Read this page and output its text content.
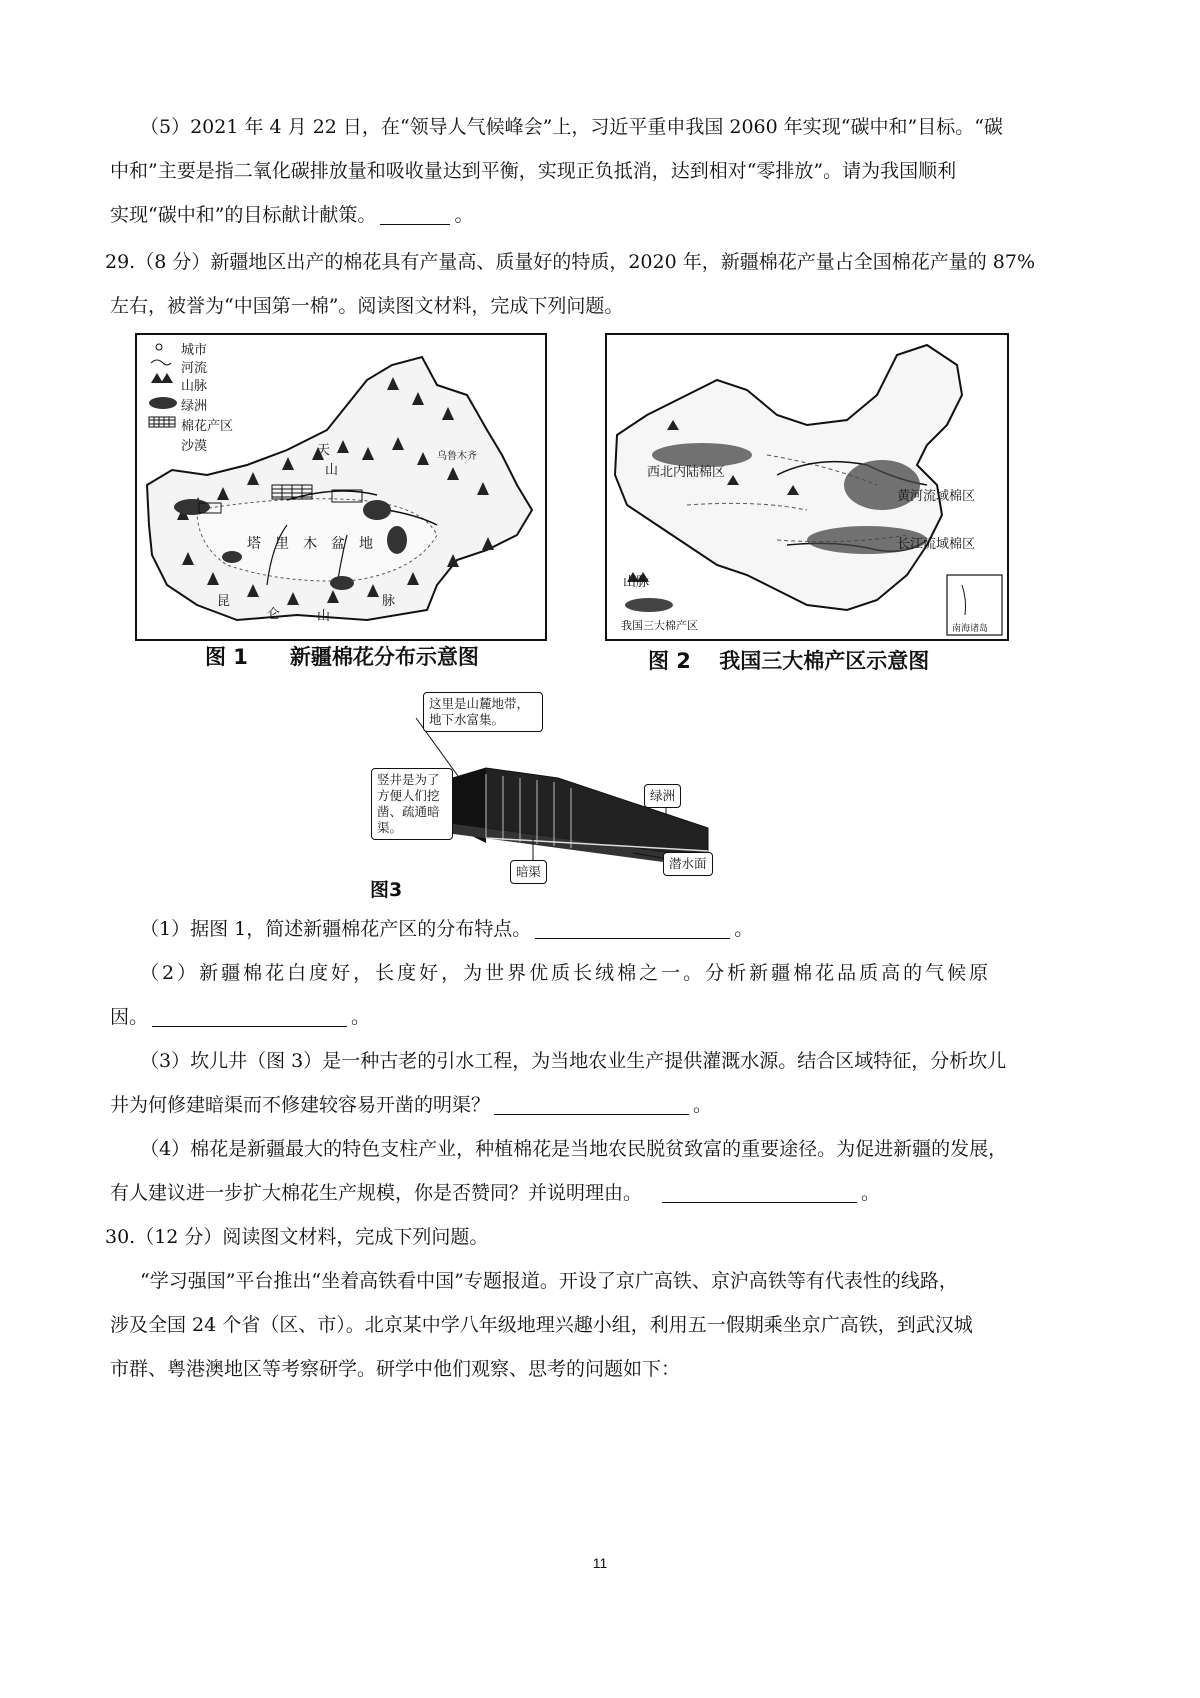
（5）2021 年 4 月 22 日，在“领导人气候峰会”上，习近平重申我国 2060 年实现“碳中和”目标。“碳
中和”主要是指二氧化碳排放量和吸收量达到平衡，实现正负抵消，达到相对“零排放”。请为我国顺利
实现“碳中和”的目标献计献策。	。
29.（8 分）新疆地区出产的棉花具有产量高、质量好的特质，2020 年，新疆棉花产量占全国棉花产量的 87%
左右，被誉为“中国第一棉”。阅读图文材料，完成下列问题。
城市
河流
山脉
绿洲
棉花产区
沙漠	天
山
乌鲁木齐
塔　里　木　盆　地
昆
仑	山
脉
图 1　　新疆棉花分布示意图
西北内陆棉区
黄河流域棉区
长江流域棉区
山脉
我国三大棉产区	南海诸岛
图 2　 我国三大棉产区示意图
这里是山麓地带，地下水富集。
竖井是为了方便人们挖凿、疏通暗渠。
绿洲
暗渠
潜水面
图3
（1）据图 1，简述新疆棉花产区的分布特点。	。
（2）新疆棉花白度好，长度好，为世界优质长绒棉之一。分析新疆棉花品质高的气候原
因。	。
（3）坎儿井（图 3）是一种古老的引水工程，为当地农业生产提供灌溉水源。结合区域特征，分析坎儿
井为何修建暗渠而不修建较容易开凿的明渠？	。
（4）棉花是新疆最大的特色支柱产业，种植棉花是当地农民脱贫致富的重要途径。为促进新疆的发展，
有人建议进一步扩大棉花生产规模，你是否赞同？并说明理由。	。
30.（12 分）阅读图文材料，完成下列问题。
“学习强国”平台推出“坐着高铁看中国”专题报道。开设了京广高铁、京沪高铁等有代表性的线路，
涉及全国 24 个省（区、市）。北京某中学八年级地理兴趣小组，利用五一假期乘坐京广高铁，到武汉城
市群、粤港澳地区等考察研学。研学中他们观察、思考的问题如下：
11
